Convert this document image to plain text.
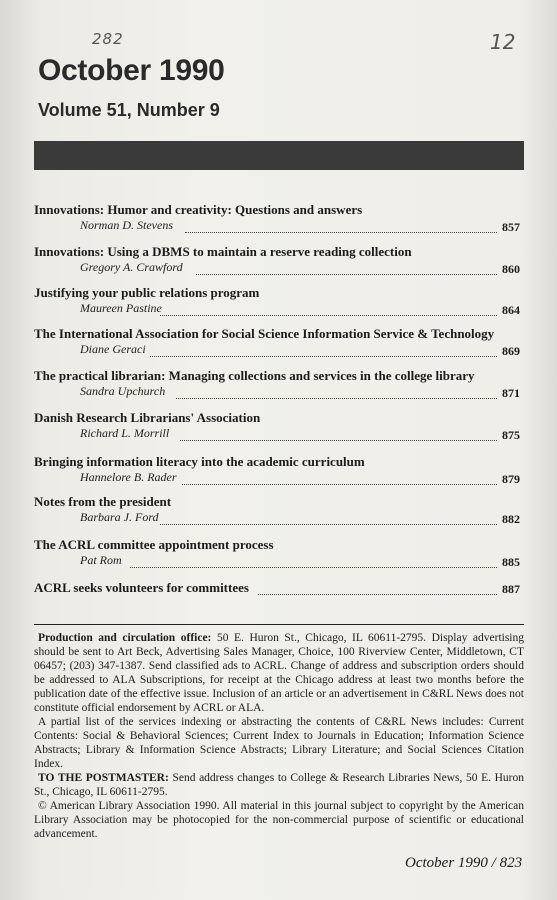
282	12
October 1990
Volume 51, Number 9
Innovations: Humor and creativity: Questions and answers
Norman D. Stevens	857
Innovations: Using a DBMS to maintain a reserve reading collection
Gregory A. Crawford	860
Justifying your public relations program
Maureen Pastine	864
The International Association for Social Science Information Service & Technology
Diane Geraci	869
The practical librarian: Managing collections and services in the college library
Sandra Upchurch	871
Danish Research Librarians' Association
Richard L. Morrill	875
Bringing information literacy into the academic curriculum
Hannelore B. Rader	879
Notes from the president
Barbara J. Ford	882
The ACRL committee appointment process
Pat Rom	885
ACRL seeks volunteers for committees	887

Production and circulation office: 50 E. Huron St., Chicago, IL 60611-2795. Display advertising should be sent to Art Beck, Advertising Sales Manager, Choice, 100 Riverview Center, Middletown, CT 06457; (203) 347-1387. Send classified ads to ACRL. Change of address and subscription orders should be addressed to ALA Subscriptions, for receipt at the Chicago address at least two months before the publication date of the effective issue. Inclusion of an article or an advertisement in C&RL News does not constitute official endorsement by ACRL or ALA.

A partial list of the services indexing or abstracting the contents of C&RL News includes: Current Contents: Social & Behavioral Sciences; Current Index to Journals in Education; Information Science Abstracts; Library & Information Science Abstracts; Library Literature; and Social Sciences Citation Index.

TO THE POSTMASTER: Send address changes to College & Research Libraries News, 50 E. Huron St., Chicago, IL 60611-2795.

© American Library Association 1990. All material in this journal subject to copyright by the American Library Association may be photocopied for the non-commercial purpose of scientific or educational advancement.

October 1990 / 823
